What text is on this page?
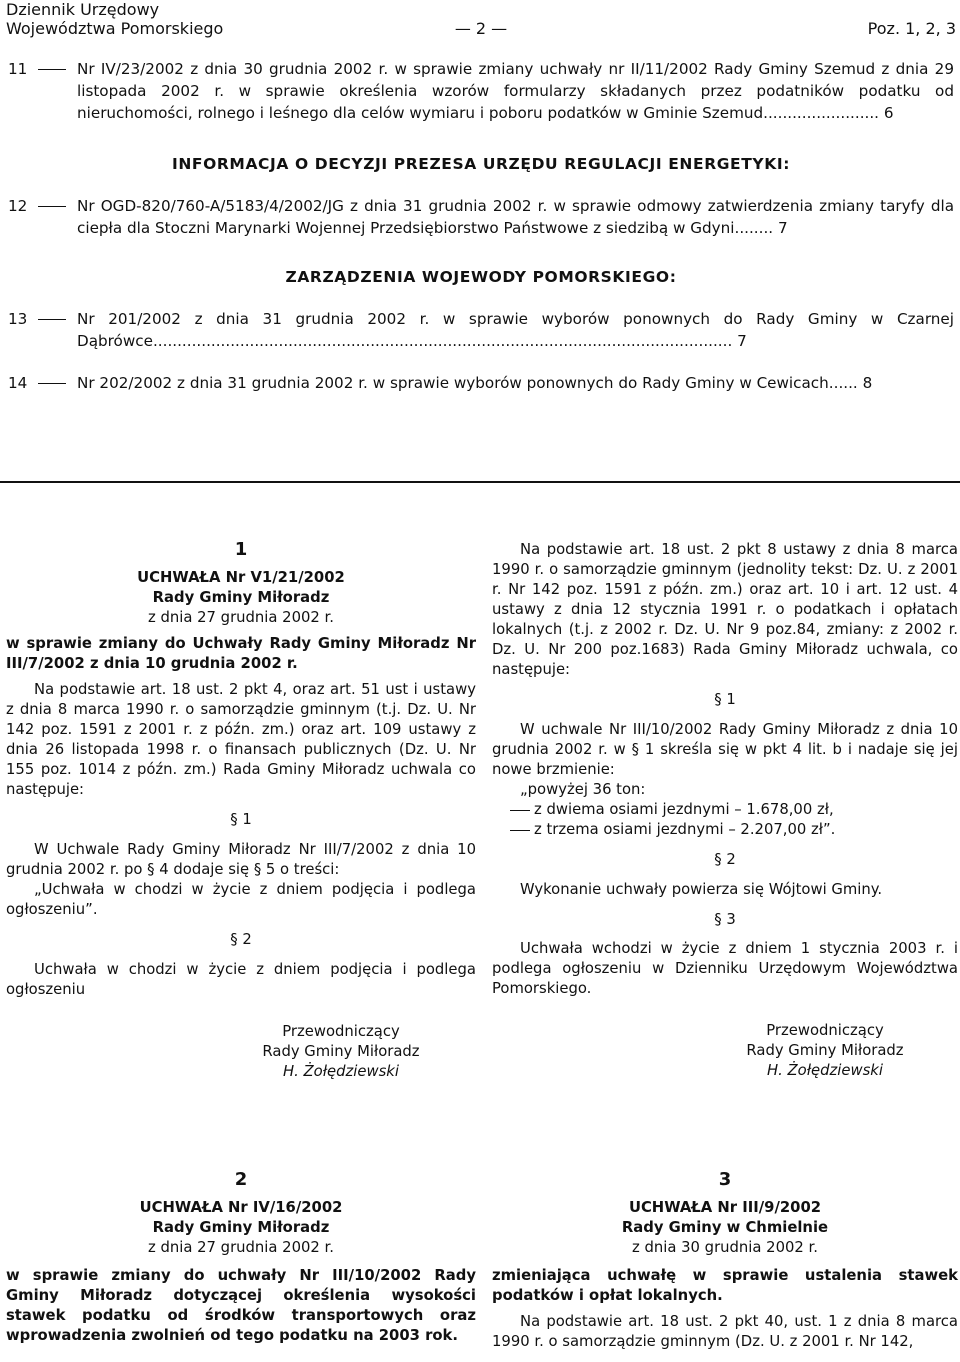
Dziennik Urzędowy
Województwa Pomorskiego	— 2 —	Poz. 1, 2, 3
11	Nr IV/23/2002 z dnia 30 grudnia 2002 r. w sprawie zmiany uchwały nr II/11/2002 Rady Gminy Szemud z dnia 29 listopada 2002 r. w sprawie określenia wzorów formularzy składanych przez podatników podatku od nieruchomości, rolnego i leśnego dla celów wymiaru i poboru podatków w Gminie Szemud........................ 6
INFORMACJA O DECYZJI PREZESA URZĘDU REGULACJI ENERGETYKI:
12	Nr OGD-820/760-A/5183/4/2002/JG z dnia 31 grudnia 2002 r. w sprawie odmowy zatwierdzenia zmiany taryfy dla ciepła dla Stoczni Marynarki Wojennej Przedsiębiorstwo Państwowe z siedzibą w Gdyni........ 7
ZARZĄDZENIA WOJEWODY POMORSKIEGO:
13	Nr 201/2002 z dnia 31 grudnia 2002 r. w sprawie wyborów ponownych do Rady Gminy w Czarnej Dąbrówce........................................................................................................................ 7
14	Nr 202/2002 z dnia 31 grudnia 2002 r. w sprawie wyborów ponownych do Rady Gminy w Cewicach...... 8
1
UCHWAŁA Nr V1/21/2002
Rady Gminy Miłoradz
z dnia 27 grudnia 2002 r.
w sprawie zmiany do Uchwały Rady Gminy Miłoradz Nr III/7/2002 z dnia 10 grudnia 2002 r.
Na podstawie art. 18 ust. 2 pkt 4, oraz art. 51 ust i ustawy z dnia 8 marca 1990 r. o samorządzie gminnym (t.j. Dz. U. Nr 142 poz. 1591 z 2001 r. z późn. zm.) oraz art. 109 ustawy z dnia 26 listopada 1998 r. o finansach publicznych (Dz. U. Nr 155 poz. 1014 z późn. zm.) Rada Gminy Miłoradz uchwala co następuje:
§ 1
W Uchwale Rady Gminy Miłoradz Nr III/7/2002 z dnia 10 grudnia 2002 r. po § 4 dodaje się § 5 o treści:
„Uchwała w chodzi w życie z dniem podjęcia i podlega ogłoszeniu”.
§ 2
Uchwała w chodzi w życie z dniem podjęcia i podlega ogłoszeniu
Przewodniczący
Rady Gminy Miłoradz
H. Żołędziewski
Na podstawie art. 18 ust. 2 pkt 8 ustawy z dnia 8 marca 1990 r. o samorządzie gminnym (jednolity tekst: Dz. U. z 2001 r. Nr 142 poz. 1591 z późn. zm.) oraz art. 10 i art. 12 ust. 4 ustawy z dnia 12 stycznia 1991 r. o podatkach i opłatach lokalnych (t.j. z 2002 r. Dz. U. Nr 9 poz.84, zmiany: z 2002 r. Dz. U. Nr 200 poz.1683) Rada Gminy Miłoradz uchwala, co następuje:
§ 1
W uchwale Nr III/10/2002 Rady Gminy Miłoradz z dnia 10 grudnia 2002 r. w § 1 skreśla się w pkt 4 lit. b i nadaje się jej nowe brzmienie:
„powyżej 36 ton:
z dwiema osiami jezdnymi – 1.678,00 zł,
z trzema osiami jezdnymi – 2.207,00 zł”.
§ 2
Wykonanie uchwały powierza się Wójtowi Gminy.
§ 3
Uchwała wchodzi w życie z dniem 1 stycznia 2003 r. i podlega ogłoszeniu w Dzienniku Urzędowym Województwa Pomorskiego.
Przewodniczący
Rady Gminy Miłoradz
H. Żołędziewski
2
UCHWAŁA Nr IV/16/2002
Rady Gminy Miłoradz
z dnia 27 grudnia 2002 r.
w sprawie zmiany do uchwały Nr III/10/2002 Rady Gminy Miłoradz dotyczącej określenia wysokości stawek podatku od środków transportowych oraz wprowadzenia zwolnień od tego podatku na 2003 rok.
3
UCHWAŁA Nr III/9/2002
Rady Gminy w Chmielnie
z dnia 30 grudnia 2002 r.
zmieniająca uchwałę w sprawie ustalenia stawek podatków i opłat lokalnych.
Na podstawie art. 18 ust. 2 pkt 40, ust. 1 z dnia 8 marca 1990 r. o samorządzie gminnym (Dz. U. z 2001 r. Nr 142,
